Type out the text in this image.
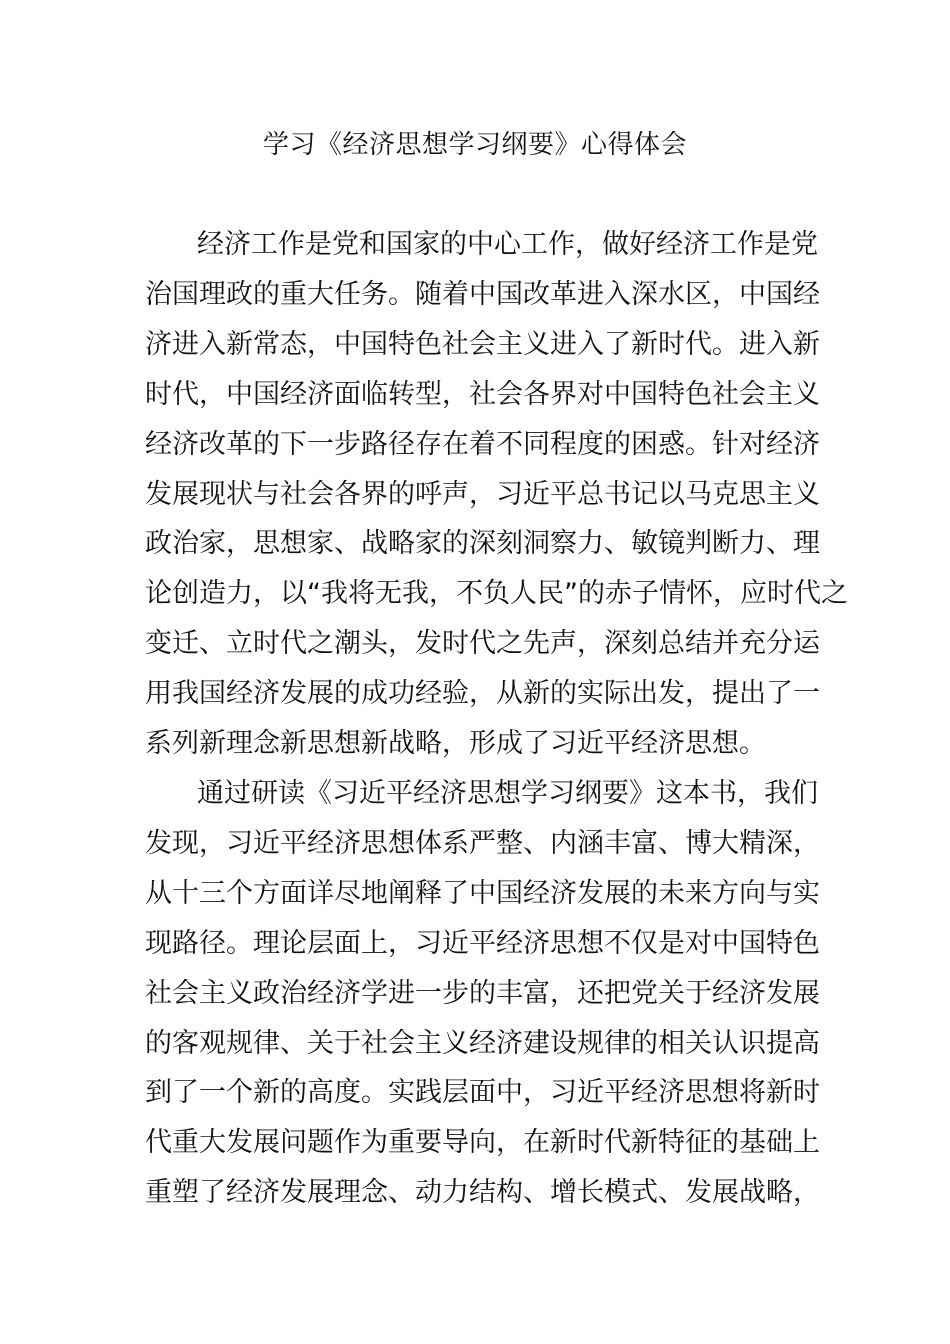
学习《经济思想学习纲要》心得体会
经济工作是党和国家的中心工作，做好经济工作是党
治国理政的重大任务。随着中国改革进入深水区，中国经
济进入新常态，中国特色社会主义进入了新时代。进入新
时代，中国经济面临转型，社会各界对中国特色社会主义
经济改革的下一步路径存在着不同程度的困惑。针对经济
发展现状与社会各界的呼声，习近平总书记以马克思主义
政治家，思想家、战略家的深刻洞察力、敏镜判断力、理
论创造力，以“我将无我，不负人民”的赤子情怀，应时代之
变迁、立时代之潮头，发时代之先声，深刻总结并充分运
用我国经济发展的成功经验，从新的实际出发，提出了一
系列新理念新思想新战略，形成了习近平经济思想。
通过研读《习近平经济思想学习纲要》这本书，我们
发现，习近平经济思想体系严整、内涵丰富、博大精深，
从十三个方面详尽地阐释了中国经济发展的未来方向与实
现路径。理论层面上，习近平经济思想不仅是对中国特色
社会主义政治经济学进一步的丰富，还把党关于经济发展
的客观规律、关于社会主义经济建设规律的相关认识提高
到了一个新的高度。实践层面中，习近平经济思想将新时
代重大发展问题作为重要导向，在新时代新特征的基础上
重塑了经济发展理念、动力结构、增长模式、发展战略，
